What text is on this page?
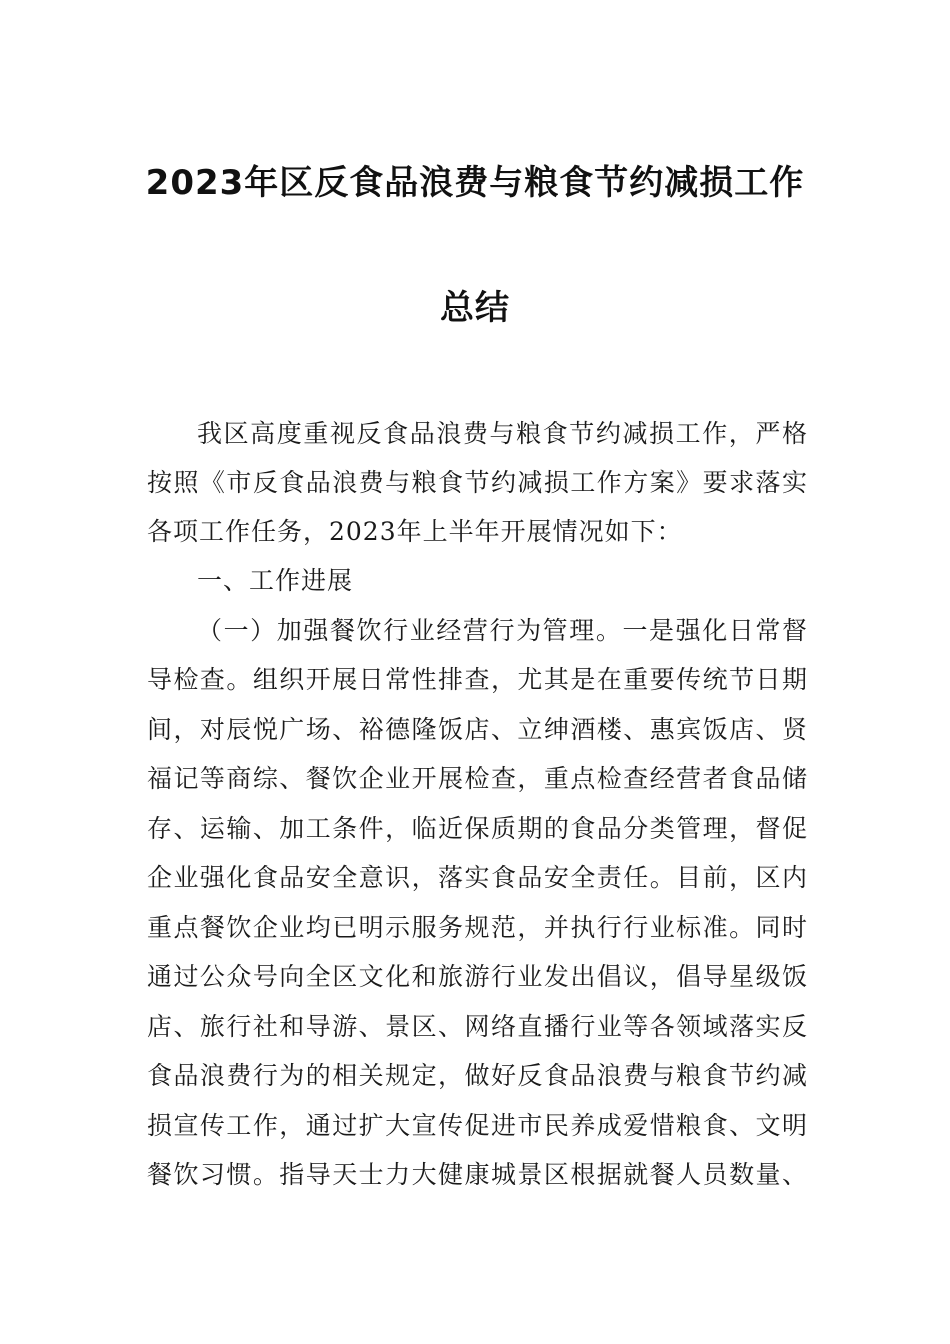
2023年区反食品浪费与粮食节约减损工作
总结
我区高度重视反食品浪费与粮食节约减损工作，严格
按照《市反食品浪费与粮食节约减损工作方案》要求落实
各项工作任务，2023年上半年开展情况如下：
一、工作进展
（一）加强餐饮行业经营行为管理。一是强化日常督
导检查。组织开展日常性排查，尤其是在重要传统节日期
间，对辰悦广场、裕德隆饭店、立绅酒楼、惠宾饭店、贤
福记等商综、餐饮企业开展检查，重点检查经营者食品储
存、运输、加工条件，临近保质期的食品分类管理，督促
企业强化食品安全意识，落实食品安全责任。目前，区内
重点餐饮企业均已明示服务规范，并执行行业标准。同时
通过公众号向全区文化和旅游行业发出倡议，倡导星级饭
店、旅行社和导游、景区、网络直播行业等各领域落实反
食品浪费行为的相关规定，做好反食品浪费与粮食节约减
损宣传工作，通过扩大宣传促进市民养成爱惜粮食、文明
餐饮习惯。指导天士力大健康城景区根据就餐人员数量、
